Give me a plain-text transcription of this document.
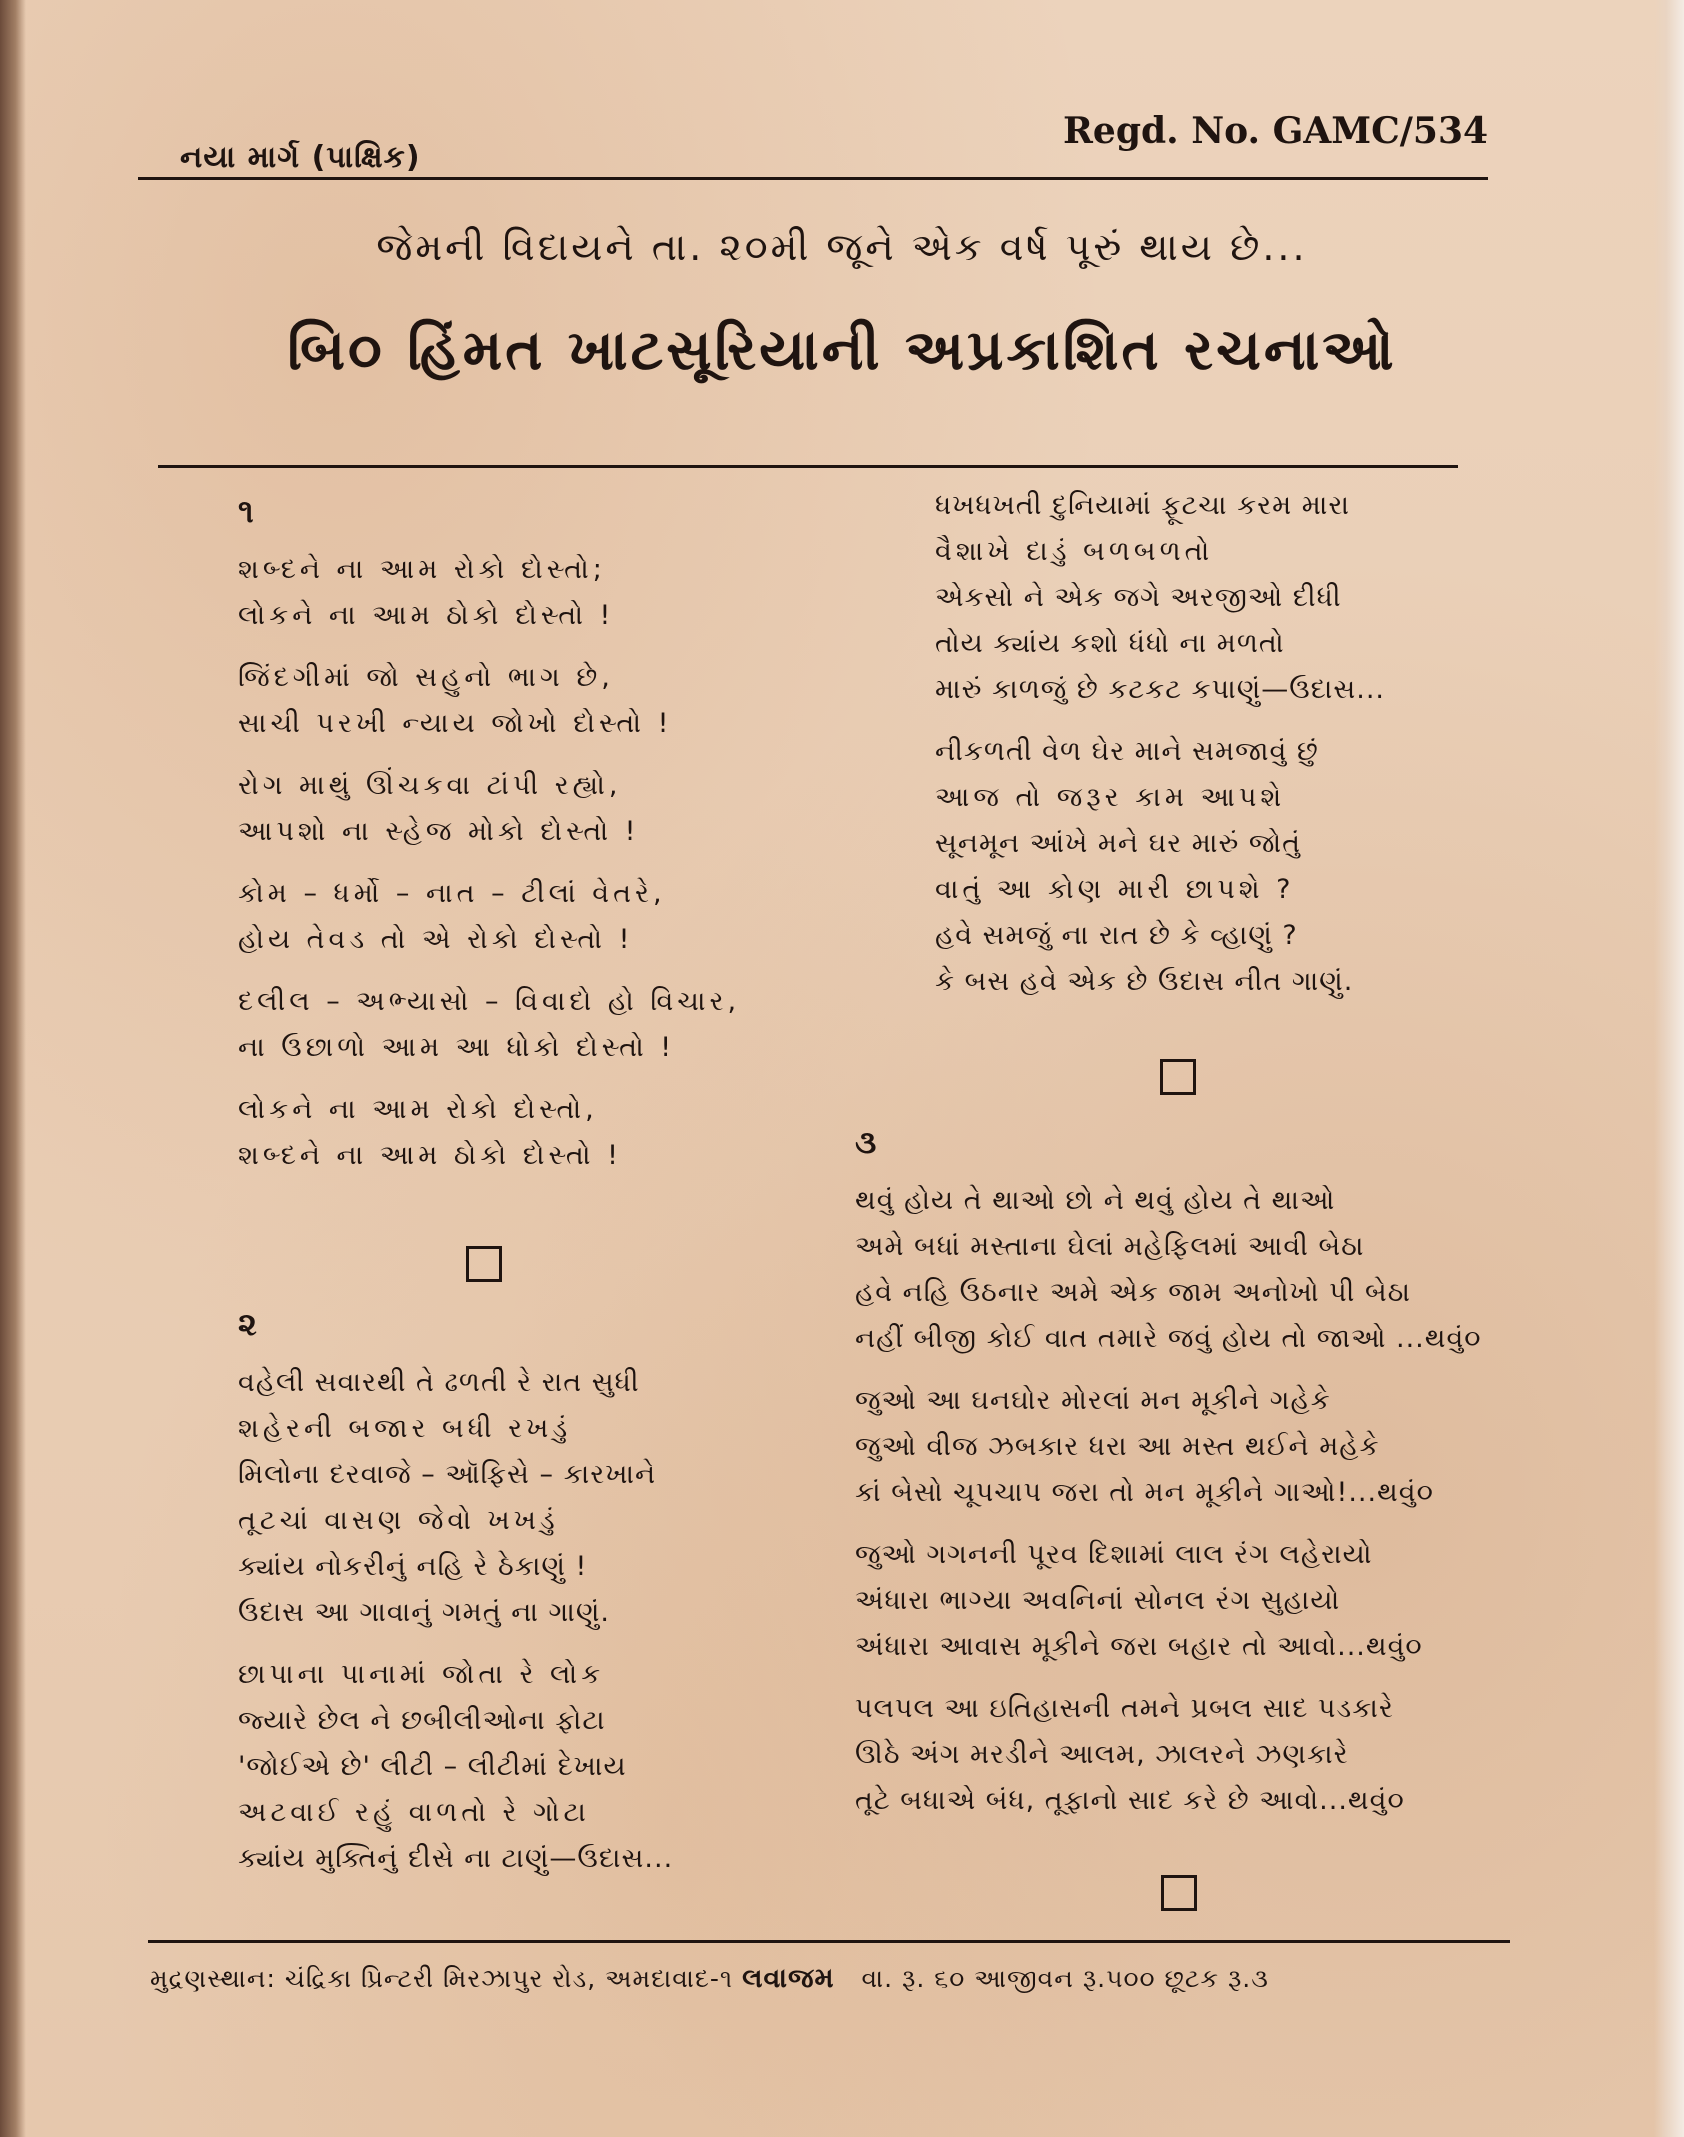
નયા માર્ગ (પાક્ષિક)
Regd. No. GAMC/534
જેમની વિદાયને તા. ૨૦મી જૂને એક વર્ષ પૂરું થાય છે...
બિ૦ હિંમત ખાટસૂરિયાની અપ્રકાશિત રચનાઓ
૧
શબ્દને ના આમ રોકો દોસ્તો;
લોકને ના આમ ઠોકો દોસ્તો !
જિંદગીમાં જો સહુનો ભાગ છે,
સાચી પરખી ન્યાય જોખો દોસ્તો !
રોગ માથું ઊંચકવા ટાંપી રહ્યો,
આપશો ના સ્હેજ મોકો દોસ્તો !
કોમ – ધર્મો – નાત – ટીલાં વેતરે,
હોય તેવડ તો એ રોકો દોસ્તો !
દલીલ – અભ્યાસો – વિવાદો હો વિચાર,
ના ઉછાળો આમ આ ધોકો દોસ્તો !
લોકને ના આમ રોકો દોસ્તો,
શબ્દને ના આમ ઠોકો દોસ્તો !
૨
વહેલી સવારથી તે ઢળતી રે રાત સુધી
શહેરની બજાર બધી રખડું
મિલોના દરવાજે – ઑફિસે – કારખાને
તૂટચાં વાસણ જેવો ખખડું
ક્યાંય નોકરીનું નહિ રે ઠેકાણું !
ઉદાસ આ ગાવાનું ગમતું ના ગાણું.
છાપાના પાનામાં જોતા રે લોક
જ્યારે છેલ ને છબીલીઓના ફોટા
'જોઈએ છે' લીટી – લીટીમાં દેખાય
અટવાઈ રહું વાળતો રે ગોટા
ક્યાંય મુક્તિનું દીસે ના ટાણું—ઉદાસ...
ધખધખતી દુનિયામાં ફૂટચા કરમ મારા
વૈશાખે દાડું બળબળતો
એકસો ને એક જગે અરજીઓ દીધી
તોય ક્યાંય કશો ધંધો ના મળતો
મારું કાળજું છે કટકટ કપાણું—ઉદાસ...
નીકળતી વેળ ઘેર માને સમજાવું છું
આજ તો જરૂર કામ આપશે
સૂનમૂન આંખે મને ઘર મારું જોતું
વાતું આ કોણ મારી છાપશે ?
હવે સમજું ના રાત છે કે વ્હાણું ?
કે બસ હવે એક છે ઉદાસ નીત ગાણું.
૩
થવું હોય તે થાઓ છો ને થવું હોય તે થાઓ
અમે બધાં મસ્તાના ઘેલાં મહેફિલમાં આવી બેઠા
હવે નહિ ઉઠનાર અમે એક જામ અનોખો પી બેઠા
નહીં બીજી કોઈ વાત તમારે જવું હોય તો જાઓ ...થવું૦
જુઓ આ ઘનઘોર મોરલાં મન મૂકીને ગહેકે
જુઓ વીજ ઝબકાર ધરા આ મસ્ત થઈને મહેકે
કાં બેસો ચૂપચાપ જરા તો મન મૂકીને ગાઓ!...થવું૦
જુઓ ગગનની પૂરવ દિશામાં લાલ રંગ લહેરાયો
અંધારા ભાગ્યા અવનિનાં સોનલ રંગ સુહાયો
અંધારા આવાસ મૂકીને જરા બહાર તો આવો...થવું૦
પલપલ આ ઇતિહાસની તમને પ્રબલ સાદ પડકારે
ઊઠે અંગ મરડીને આલમ, ઝાલરને ઝણકારે
તૂટે બધાએ બંધ, તૂફાનો સાદ કરે છે આવો...થવું૦
મુદ્રણસ્થાન: ચંદ્રિકા પ્રિન્ટરી મિરઝાપુર રોડ, અમદાવાદ-૧ લવાજમ વા. રૂ. ૬૦ આજીવન રૂ.૫૦૦ છૂટક રૂ.૩
